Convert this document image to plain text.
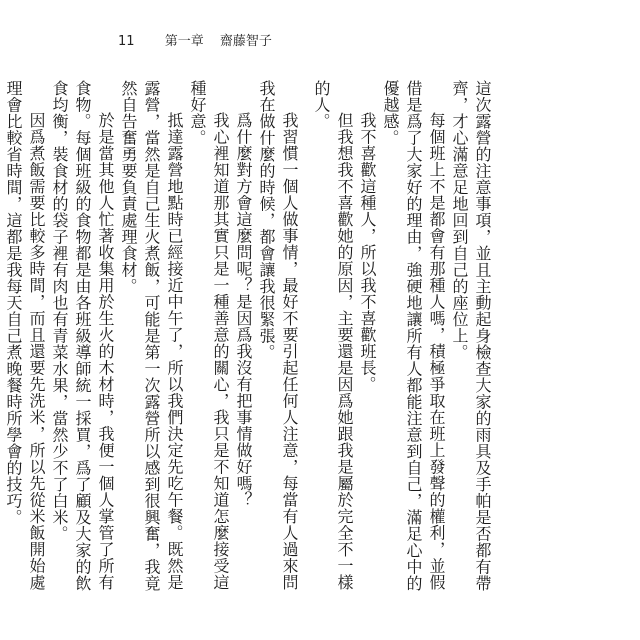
11 第一章 齋藤智子

這次露營的注意事項，並且主動起身檢查大家的雨具及手帕是否都有帶齊，才心滿意足地回到自己的座位上。

每個班上不是都會有那種人嗎，積極爭取在班上發聲的權利，並假借是爲了大家好的理由，強硬地讓所有人都能注意到自己，滿足心中的優越感。

我不喜歡這種人，所以我不喜歡班長。

但我想我不喜歡她的原因，主要還是因爲她跟我是屬於完全不一樣的人。

我習慣一個人做事情，最好不要引起任何人注意，每當有人過來問我在做什麼的時候，都會讓我很緊張。

爲什麼對方會這麼問呢？是因爲我沒有把事情做好嗎？

我心裡知道那其實只是一種善意的關心，我只是不知道怎麼接受這種好意。

抵達露營地點時已經接近中午了，所以我們決定先吃午餐。既然是露營，當然是自己生火煮飯，可能是第一次露營所以感到很興奮，我竟然自告奮勇要負責處理食材。

於是當其他人忙著收集用於生火的木材時，我便一個人掌管了所有食物。每個班級的食物都是由各班級導師統一採買，爲了顧及大家的飲食均衡，裝食材的袋子裡有肉也有青菜水果，當然少不了白米。

因爲煮飯需要比較多時間，而且還要先洗米，所以先從米飯開始處理會比較省時間，這都是我每天自己煮晚餐時所學會的技巧。
